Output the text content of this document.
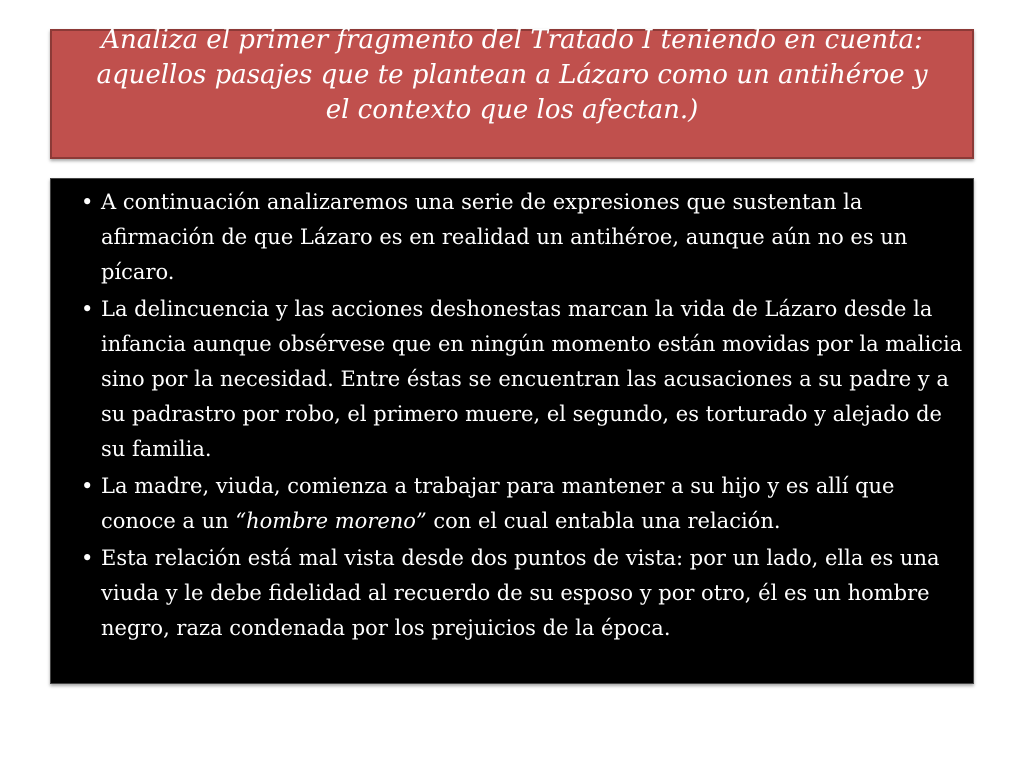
Analiza el primer fragmento del Tratado I teniendo en cuenta: aquellos pasajes que te plantean a Lázaro como un antihéroe y el contexto que los afectan.)
• A continuación analizaremos una serie de expresiones que sustentan la afirmación de que Lázaro es en realidad un antihéroe, aunque aún no es un pícaro.
• La delincuencia y las acciones deshonestas marcan la vida de Lázaro desde la infancia aunque obsérvese que en ningún momento están movidas por la malicia sino por la necesidad. Entre éstas se encuentran las acusaciones a su padre y a su padrastro por robo, el primero muere, el segundo, es torturado y alejado de su familia.
• La madre, viuda, comienza a trabajar para mantener a su hijo y es allí que conoce a un “hombre moreno” con el cual entabla una relación.
• Esta relación está mal vista desde dos puntos de vista: por un lado, ella es una viuda y le debe fidelidad al recuerdo de su esposo y por otro, él es un hombre negro, raza condenada por los prejuicios de la época.
